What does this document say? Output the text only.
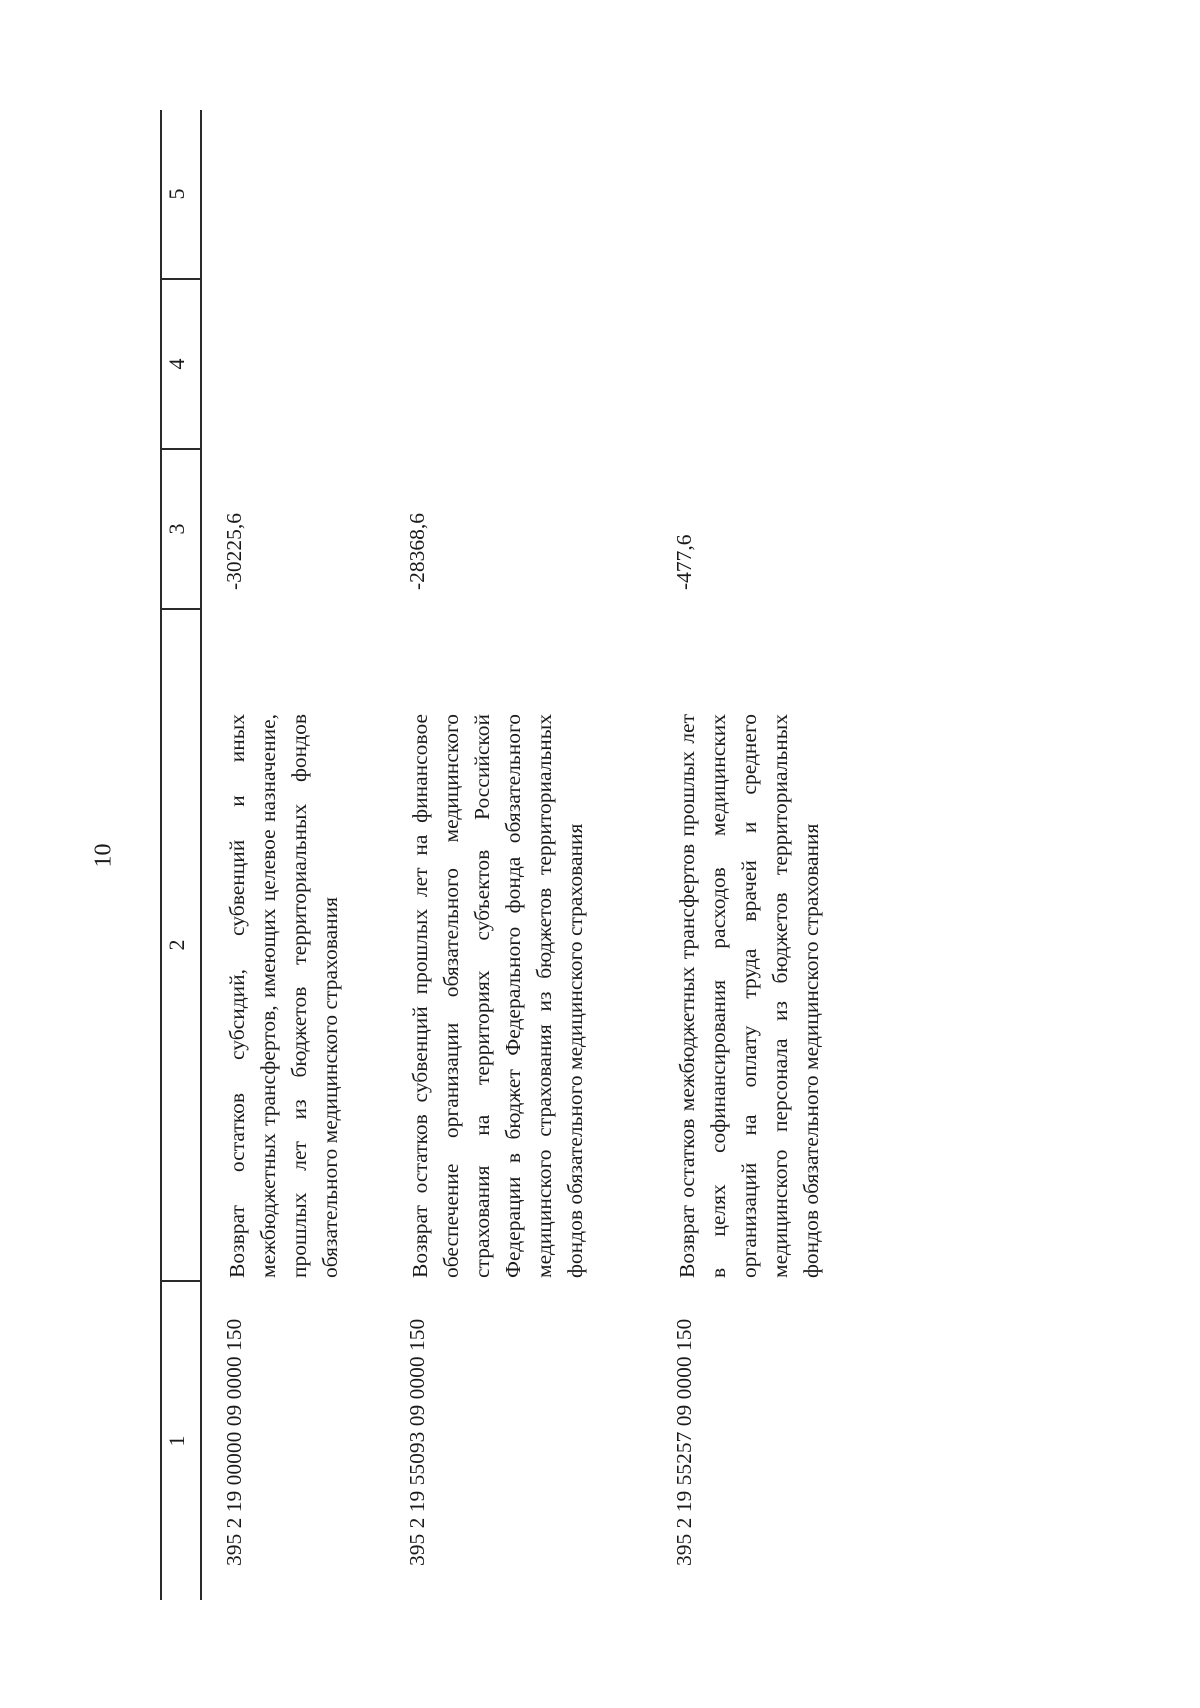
10
1
2
3
4
5
395 2 19 00000 09 0000 150
Возврат остатков субсидий, субвенций и иных межбюджетных трансфертов, имеющих целевое назначение, прошлых лет из бюджетов территориальных фондов обязательного медицинского страхования
-30225,6
395 2 19 55093 09 0000 150
Возврат остатков субвенций прошлых лет на финансовое обеспечение организации обязательного медицинского страхования на территориях субъектов Российской Федерации в бюджет Федерального фонда обязательного медицинского страхования из бюджетов территориальных фондов обязательного медицинского страхования
-28368,6
395 2 19 55257 09 0000 150
Возврат остатков межбюджетных трансфертов прошлых лет в целях софинансирования расходов медицинских организаций на оплату труда врачей и среднего медицинского персонала из бюджетов территориальных фондов обязательного медицинского страхования
-477,6
